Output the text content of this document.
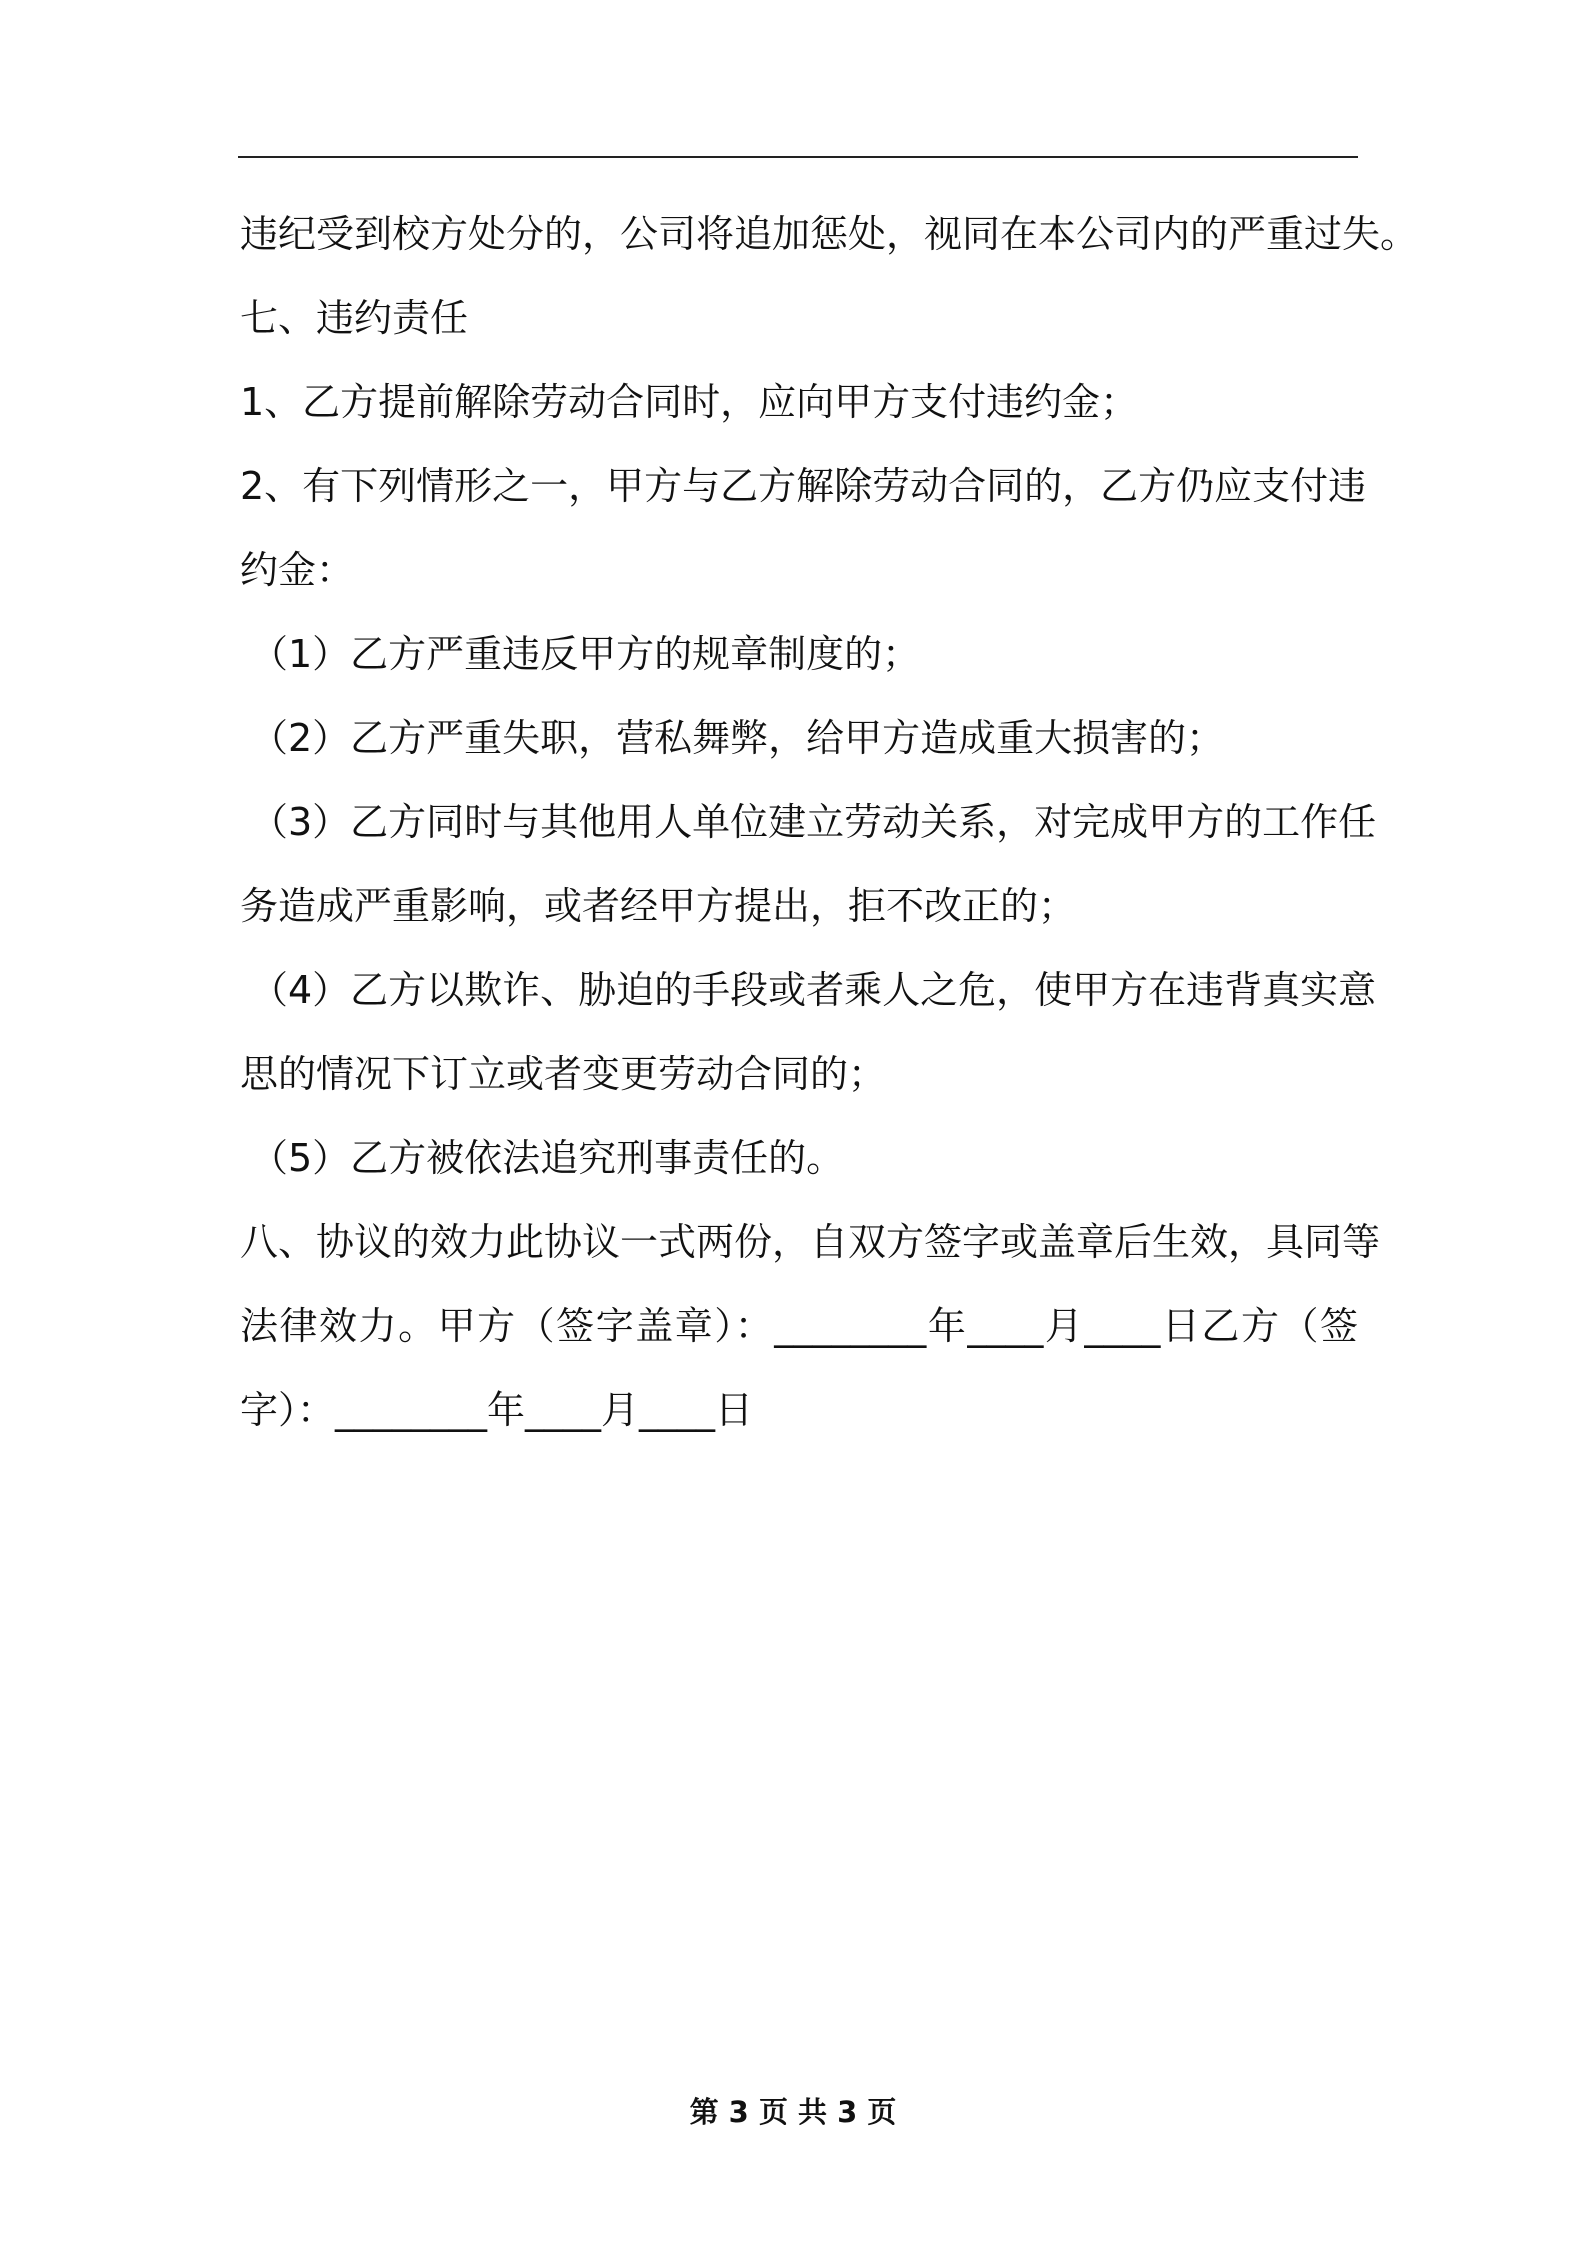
违纪受到校方处分的，公司将追加惩处，视同在本公司内的严重过失。
七、违约责任
1、乙方提前解除劳动合同时，应向甲方支付违约金；
2、有下列情形之一，甲方与乙方解除劳动合同的，乙方仍应支付违
约金：
（1）乙方严重违反甲方的规章制度的；
（2）乙方严重失职，营私舞弊，给甲方造成重大损害的；
（3）乙方同时与其他用人单位建立劳动关系，对完成甲方的工作任
务造成严重影响，或者经甲方提出，拒不改正的；
（4）乙方以欺诈、胁迫的手段或者乘人之危，使甲方在违背真实意
思的情况下订立或者变更劳动合同的；
（5）乙方被依法追究刑事责任的。
八、协议的效力此协议一式两份，自双方签字或盖章后生效，具同等
法律效力。甲方（签字盖章）：________年____月____日乙方（签
字）：________年____月____日
第 3 页 共 3 页
